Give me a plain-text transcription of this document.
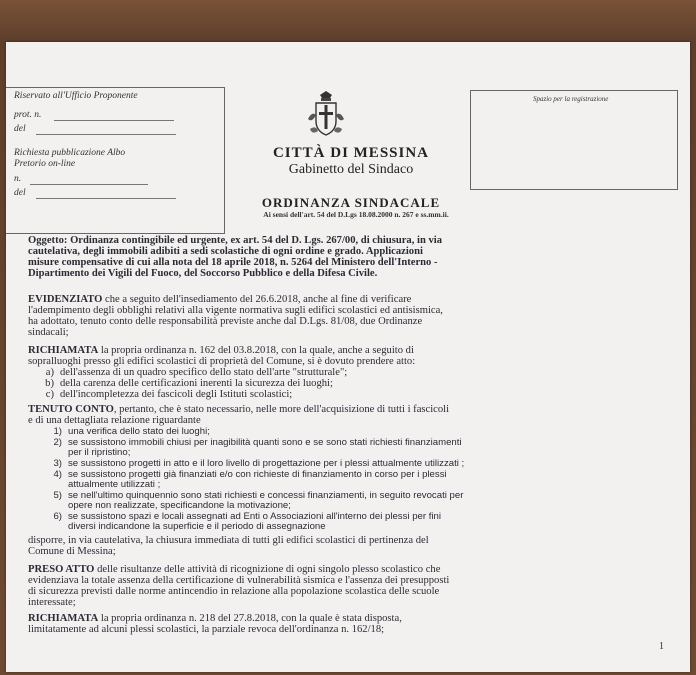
Riservato all'Ufficio Proponente
prot. n.
del
Richiesta pubblicazione Albo
Pretorio on-line
n.
del
Spazio per la registrazione
CITTÀ DI MESSINA
Gabinetto del Sindaco
ORDINANZA SINDACALE
Ai sensi dell'art. 54 del D.Lgs 18.08.2000 n. 267 e ss.mm.ii.
Oggetto: Ordinanza contingibile ed urgente, ex art. 54 del D. Lgs. 267/00, di chiusura, in via
cautelativa, degli immobili adibiti a sedi scolastiche di ogni ordine e grado. Applicazioni
misure compensative di cui alla nota del 18 aprile 2018, n. 5264 del Ministero dell'Interno -
Dipartimento dei Vigili del Fuoco, del Soccorso Pubblico e della Difesa Civile.
EVIDENZIATO che a seguito dell'insediamento del 26.6.2018, anche al fine di verificare
l'adempimento degli obblighi relativi alla vigente normativa sugli edifici scolastici ed antisismica,
ha adottato, tenuto conto delle responsabilità previste anche dal D.Lgs. 81/08, due Ordinanze
sindacali;
RICHIAMATA la propria ordinanza n. 162 del 03.8.2018, con la quale, anche a seguito di
sopralluoghi presso gli edifici scolastici di proprietà del Comune, si è dovuto prendere atto:
a) dell'assenza di un quadro specifico dello stato dell'arte "strutturale";
b) della carenza delle certificazioni inerenti la sicurezza dei luoghi;
c) dell'incompletezza dei fascicoli degli Istituti scolastici;
TENUTO CONTO, pertanto, che è stato necessario, nelle more dell'acquisizione di tutti i fascicoli
e di una dettagliata relazione riguardante
1) una verifica dello stato dei luoghi;
2) se sussistono immobili chiusi per inagibilità quanti sono e se sono stati richiesti finanziamenti
per il ripristino;
3) se sussistono progetti in atto e il loro livello di progettazione per i plessi attualmente utilizzati ;
4) se sussistono progetti già finanziati e/o con richieste di finanziamento in corso per i plessi
attualmente utilizzati ;
5) se nell'ultimo quinquennio sono stati richiesti e concessi finanziamenti, in seguito revocati per
opere non realizzate, specificandone la motivazione;
6) se sussistono spazi e locali assegnati ad Enti o Associazioni all'interno dei plessi per fini
diversi indicandone la superficie e il periodo di assegnazione
disporre, in via cautelativa, la chiusura immediata di tutti gli edifici scolastici di pertinenza del
Comune di Messina;
PRESO ATTO delle risultanze delle attività di ricognizione di ogni singolo plesso scolastico che
evidenziava la totale assenza della certificazione di vulnerabilità sismica e l'assenza dei presupposti
di sicurezza previsti dalle norme antincendio in relazione alla popolazione scolastica delle scuole
interessate;
RICHIAMATA la propria ordinanza n. 218 del 27.8.2018, con la quale è stata disposta,
limitatamente ad alcuni plessi scolastici, la parziale revoca dell'ordinanza n. 162/18;
1
